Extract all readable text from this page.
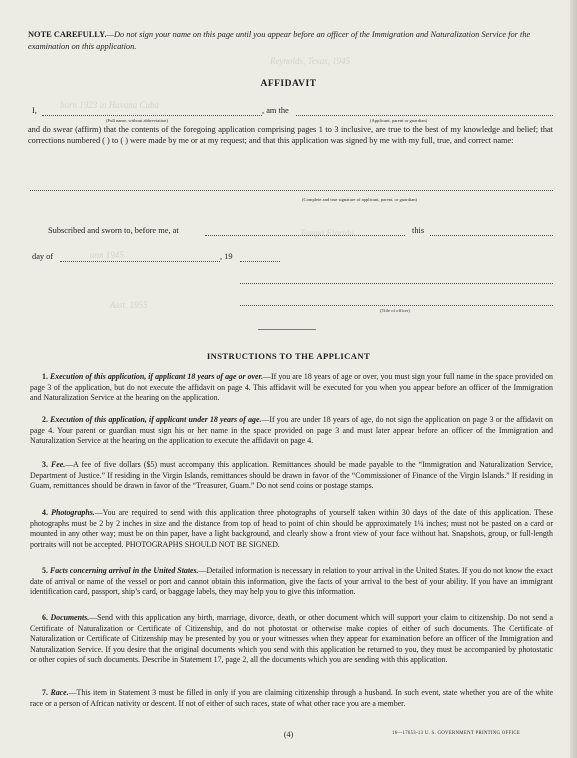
Reynolds, Texas, 1945
born 1923 in Havana Cuba
Tampa Florida
ann 1945
Asst. 1955
NOTE CAREFULLY.—Do not sign your name on this page until you appear before an officer of the Immigration and Naturalization Service for the examination on this application.
AFFIDAVIT
I,	, am the
(Full name, without abbreviation)	(Applicant, parent or guardian)
and do swear (affirm) that the contents of the foregoing application comprising pages 1 to 3 inclusive, are true to the best of my knowledge and belief; that corrections numbered ( ) to ( ) were made by me or at my request; and that this application was signed by me with my full, true, and correct name:
(Complete and true signature of applicant, parent, or guardian)
Subscribed and sworn to, before me, at	this
day of	, 19
(Title of officer)
INSTRUCTIONS TO THE APPLICANT
1. Execution of this application, if applicant 18 years of age or over.—If you are 18 years of age or over, you must sign your full name in the space provided on page 3 of the application, but do not execute the affidavit on page 4. This affidavit will be executed for you when you appear before an officer of the Immigration and Naturalization Service at the hearing on the application.
2. Execution of this application, if applicant under 18 years of age.—If you are under 18 years of age, do not sign the application on page 3 or the affidavit on page 4. Your parent or guardian must sign his or her name in the space provided on page 3 and must later appear before an officer of the Immigration and Naturalization Service at the hearing on the application to execute the affidavit on page 4.
3. Fee.—A fee of five dollars ($5) must accompany this application. Remittances should be made payable to the “Immigration and Naturalization Service, Department of Justice.” If residing in the Virgin Islands, remittances should be drawn in favor of the “Commissioner of Finance of the Virgin Islands.” If residing in Guam, remittances should be drawn in favor of the “Treasurer, Guam.” Do not send coins or postage stamps.
4. Photographs.—You are required to send with this application three photographs of yourself taken within 30 days of the date of this application. These photographs must be 2 by 2 inches in size and the distance from top of head to point of chin should be approximately 1¼ inches; must not be pasted on a card or mounted in any other way; must be on thin paper, have a light background, and clearly show a front view of your face without hat. Snapshots, group, or full-length portraits will not be accepted. PHOTOGRAPHS SHOULD NOT BE SIGNED.
5. Facts concerning arrival in the United States.—Detailed information is necessary in relation to your arrival in the United States. If you do not know the exact date of arrival or name of the vessel or port and cannot obtain this information, give the facts of your arrival to the best of your ability. If you have an immigrant identification card, passport, ship’s card, or baggage labels, they may help you to give this information.
6. Documents.—Send with this application any birth, marriage, divorce, death, or other document which will support your claim to citizenship. Do not send a Certificate of Naturalization or Certificate of Citizenship, and do not photostat or otherwise make copies of either of such documents. The Certificate of Naturalization or Certificate of Citizenship may be presented by you or your witnesses when they appear for examination before an officer of the Immigration and Naturalization Service. If you desire that the original documents which you send with this application be returned to you, they must be accompanied by photostatic or other copies of such documents. Describe in Statement 17, page 2, all the documents which you are sending with this application.
7. Race.—This item in Statement 3 must be filled in only if you are claiming citizenship through a husband. In such event, state whether you are of the white race or a person of African nativity or descent. If not of either of such races, state of what other race you are a member.
(4)	16—17653-13 U. S. GOVERNMENT PRINTING OFFICE
